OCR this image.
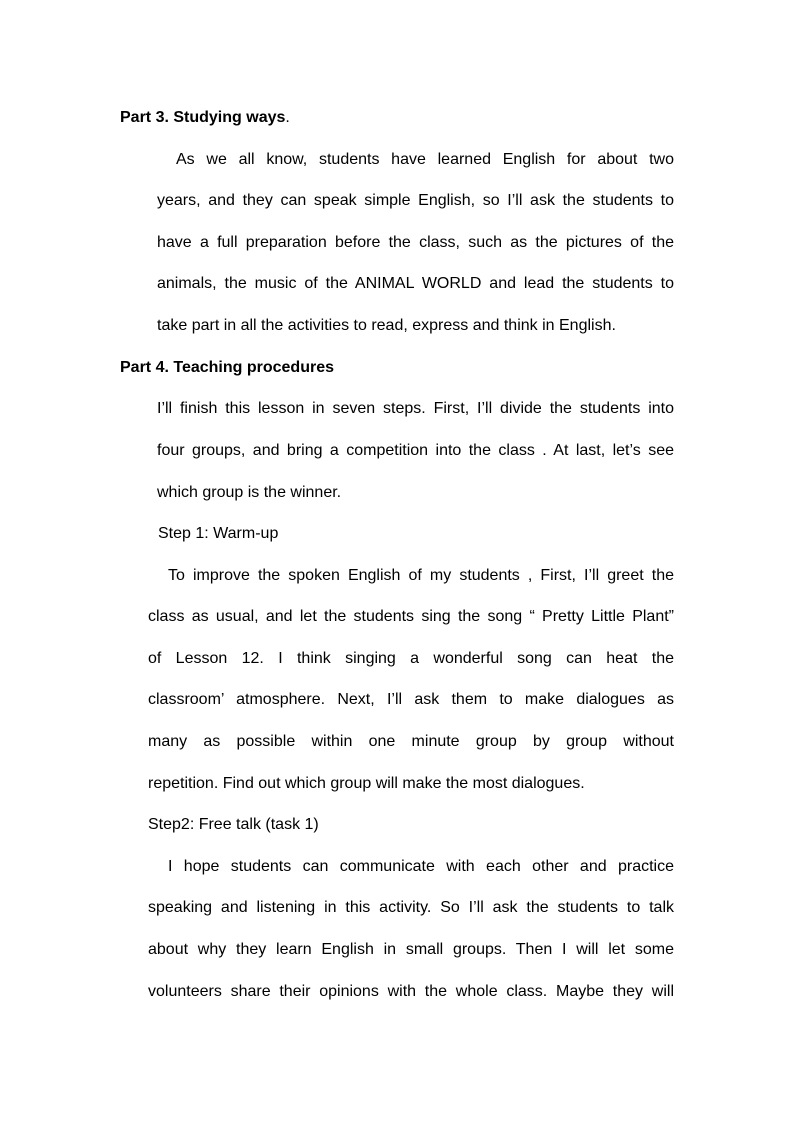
Part 3. Studying ways.
As we all know, students have learned English for about two
years, and they can speak simple English, so I’ll ask the students to
have a full preparation before the class, such as the pictures of the
animals, the music of the ANIMAL WORLD and lead the students to
take part in all the activities to read, express and think in English.
Part 4. Teaching procedures
I’ll finish this lesson in seven steps. First, I’ll divide the students into
four groups, and bring a competition into the class . At last, let’s see
which group is the winner.
Step 1: Warm-up
To improve the spoken English of my students , First, I’ll greet the
class as usual, and let the students sing the song “ Pretty Little Plant”
of Lesson 12. I think singing a wonderful song can heat the
classroom’ atmosphere. Next, I’ll ask them to make dialogues as
many as possible within one minute group by group without
repetition. Find out which group will make the most dialogues.
Step2: Free talk (task 1)
I hope students can communicate with each other and practice
speaking and listening in this activity. So I’ll ask the students to talk
about why they learn English in small groups. Then I will let some
volunteers share their opinions with the whole class. Maybe they will
